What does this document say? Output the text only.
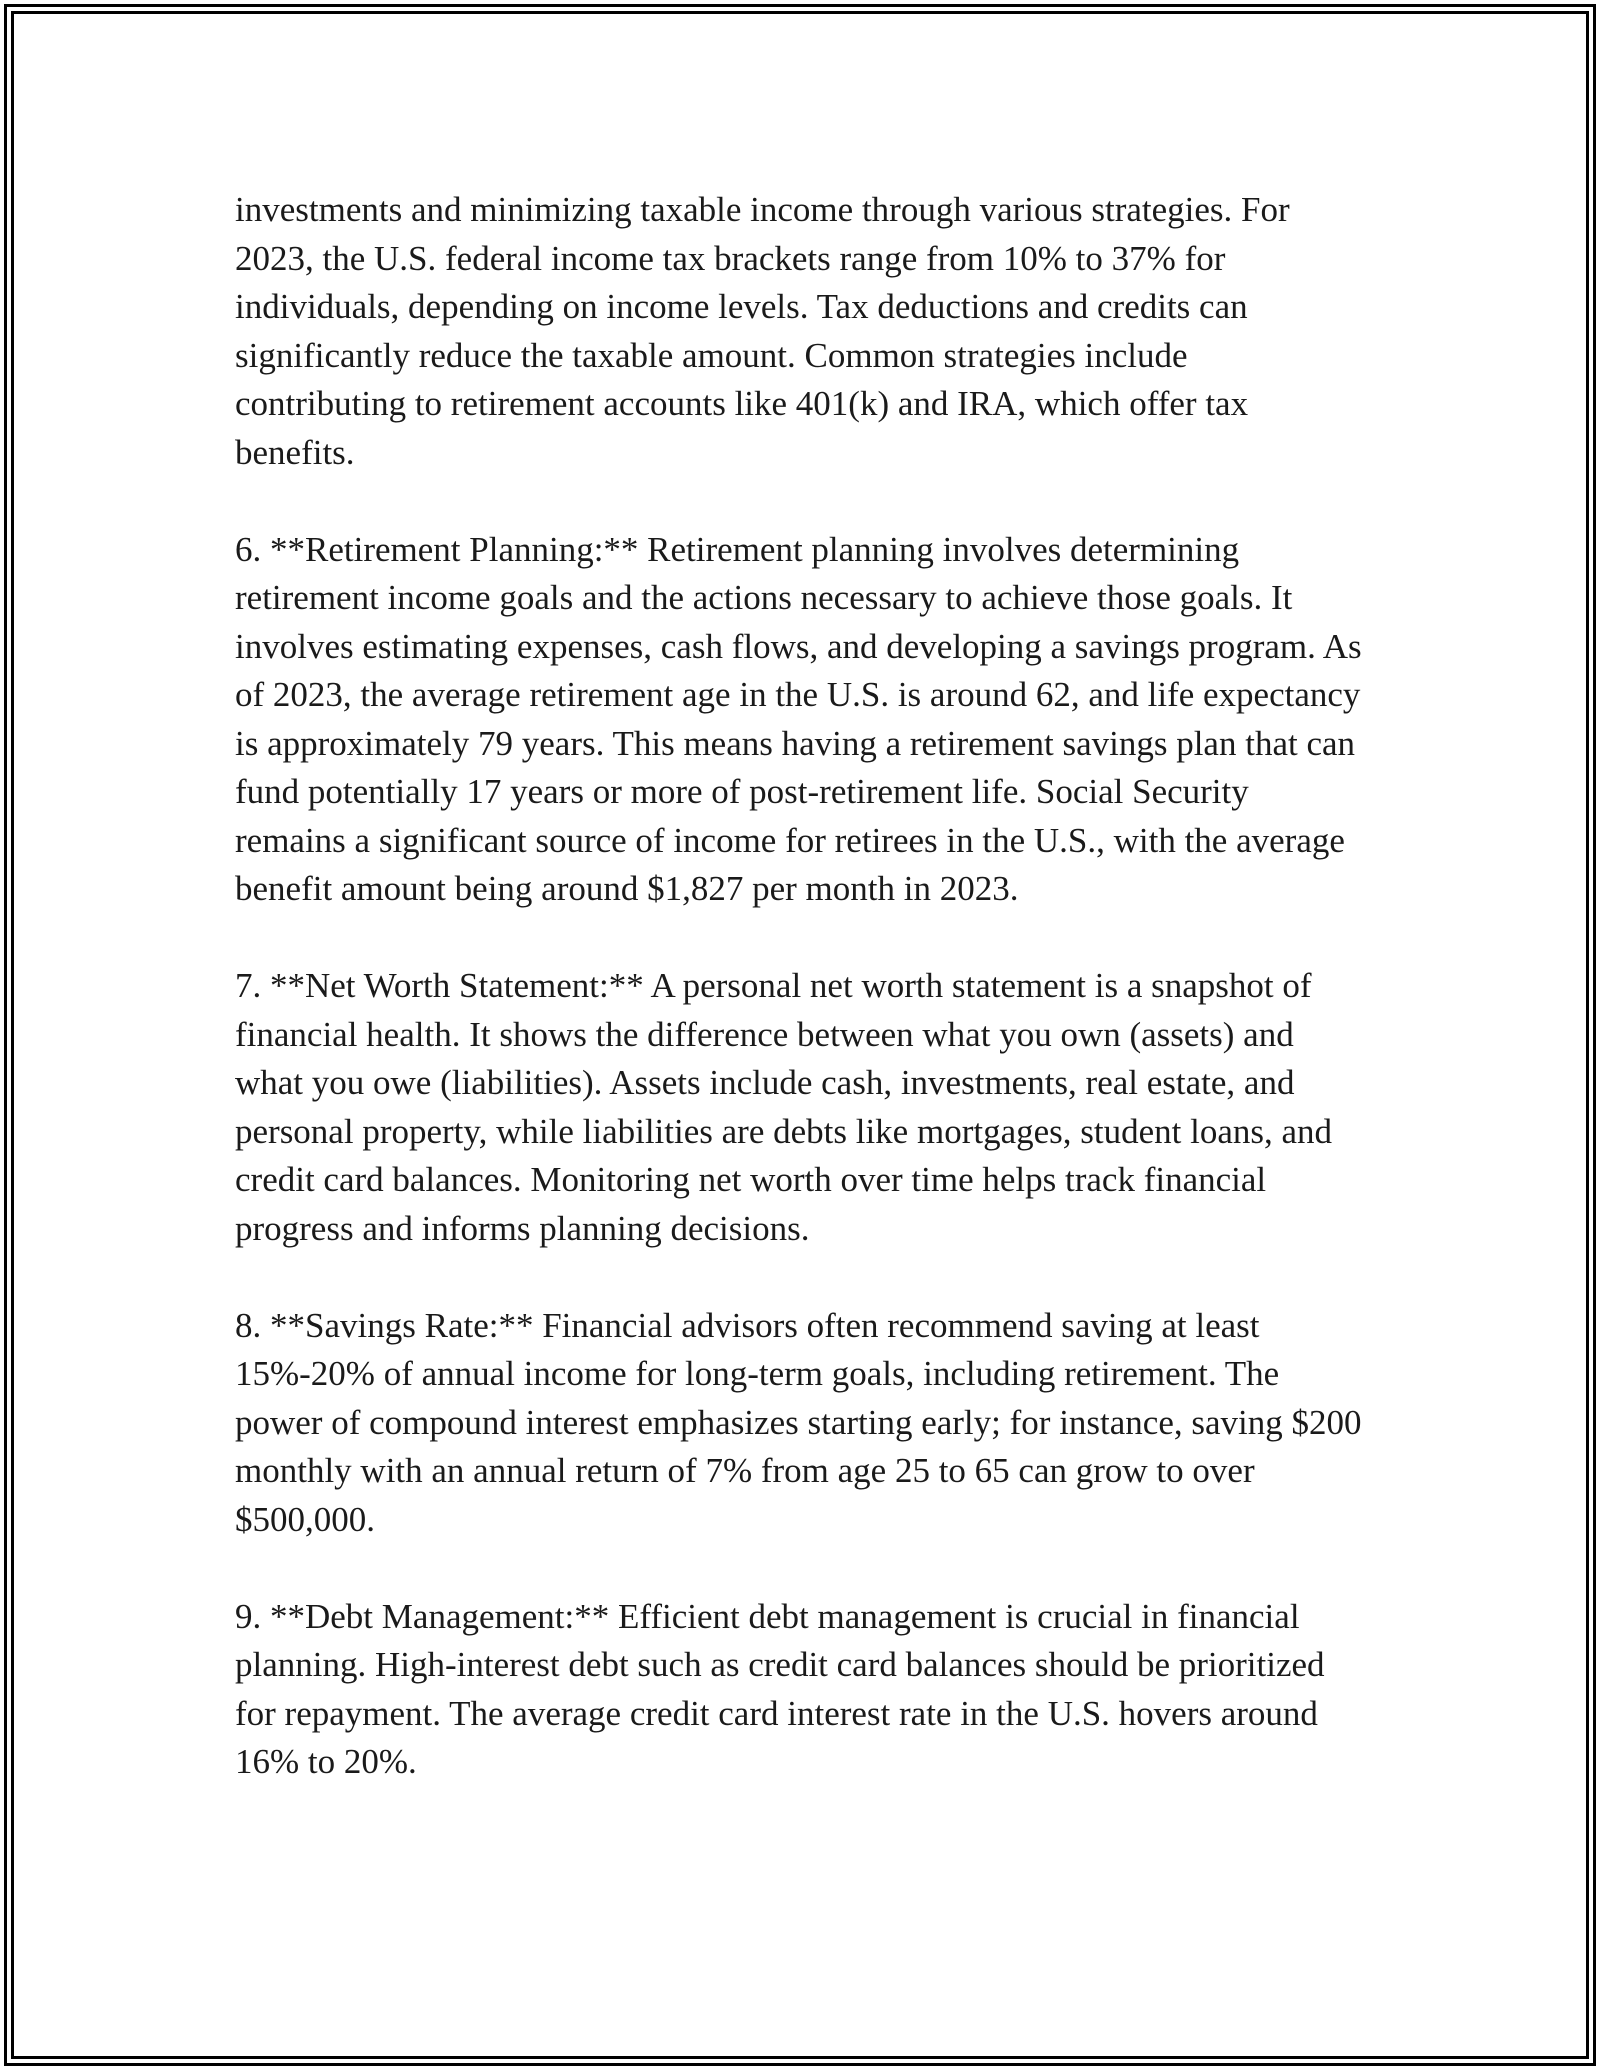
investments and minimizing taxable income through various strategies. For 2023, the U.S. federal income tax brackets range from 10% to 37% for individuals, depending on income levels. Tax deductions and credits can significantly reduce the taxable amount. Common strategies include contributing to retirement accounts like 401(k) and IRA, which offer tax benefits.

6. **Retirement Planning:** Retirement planning involves determining retirement income goals and the actions necessary to achieve those goals. It involves estimating expenses, cash flows, and developing a savings program. As of 2023, the average retirement age in the U.S. is around 62, and life expectancy is approximately 79 years. This means having a retirement savings plan that can fund potentially 17 years or more of post-retirement life. Social Security remains a significant source of income for retirees in the U.S., with the average benefit amount being around $1,827 per month in 2023.

7. **Net Worth Statement:** A personal net worth statement is a snapshot of financial health. It shows the difference between what you own (assets) and what you owe (liabilities). Assets include cash, investments, real estate, and personal property, while liabilities are debts like mortgages, student loans, and credit card balances. Monitoring net worth over time helps track financial progress and informs planning decisions.

8. **Savings Rate:** Financial advisors often recommend saving at least 15%-20% of annual income for long-term goals, including retirement. The power of compound interest emphasizes starting early; for instance, saving $200 monthly with an annual return of 7% from age 25 to 65 can grow to over $500,000.

9. **Debt Management:** Efficient debt management is crucial in financial planning. High-interest debt such as credit card balances should be prioritized for repayment. The average credit card interest rate in the U.S. hovers around 16% to 20%.
